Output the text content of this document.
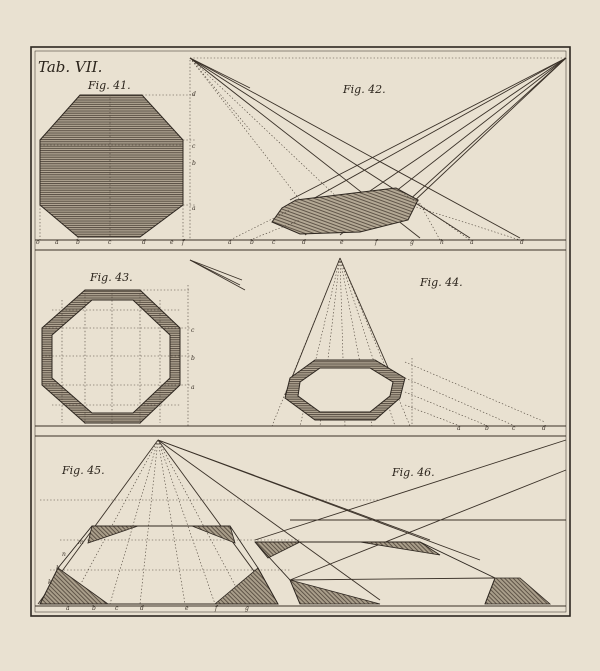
Tab. VII.
Fig. 41.	Fig. 42.
Fig. 43.	Fig. 44.
Fig. 45.	Fig. 46.
d
c
b
a
o	a	b	c	d	e f	a	b	c	d	e	f	g	h	a	d
c
b
a
a	b	c	d
a	b	c	d	e	f	g
m
n
h
k
